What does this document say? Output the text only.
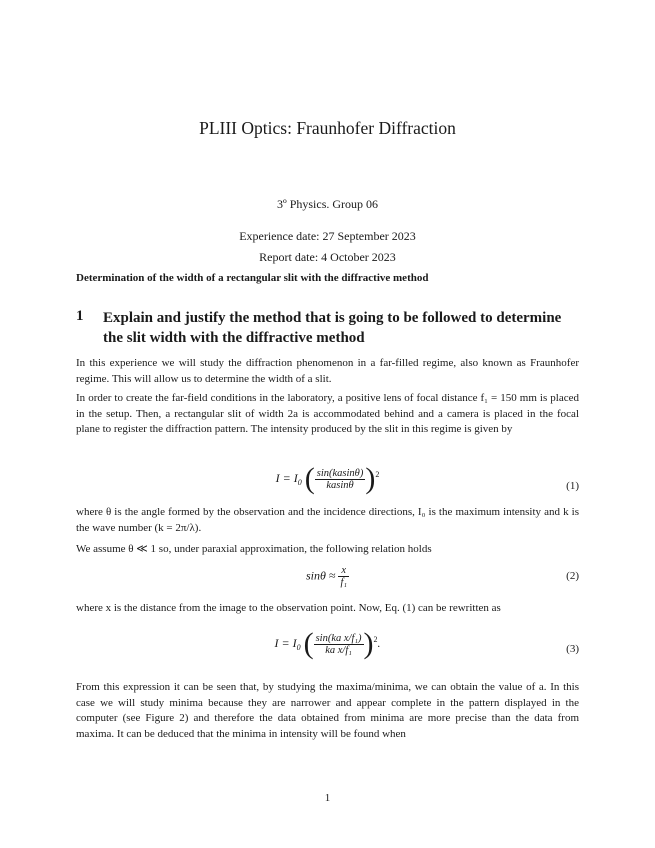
PLIII Optics: Fraunhofer Diffraction
3º Physics. Group 06
Experience date: 27 September 2023
Report date: 4 October 2023
Determination of the width of a rectangular slit with the diffractive method
1 Explain and justify the method that is going to be followed to determine the slit width with the diffractive method

In this experience we will study the diffraction phenomenon in a far-filled regime, also known as Fraunhofer regime. This will allow us to determine the width of a slit.

In order to create the far-field conditions in the laboratory, a positive lens of focal distance f₁ = 150 mm is placed in the setup. Then, a rectangular slit of width 2a is accommodated behind and a camera is placed in the focal plane to register the diffraction pattern. The intensity produced by the slit in this regime is given by

$I = I_0$ ( $\frac{\sin(kasin\theta)}{kasin\theta} )^2$
(1)

where θ is the angle formed by the observation and the incidence directions, I₀ is the maximum intensity and k is the wave number (k = 2π/λ).

We assume θ ≪ 1 so, under paraxial approximation, the following relation holds

$\sin\theta \approx \frac{x}{\text{f₁}}$	(2)

where x is the distance from the image to the observation point. Now, Eq. (1) can be rewritten as

$I = I_0$ ( $\frac{\text{sin(ka x/f₁)}}{\text{ka x/f₁}} )^2$.	(3)

From this expression it can be seen that, by studying the maxima/minima, we can obtain the value of a. In this case we will study minima because they are narrower and appear complete in the pattern displayed in the computer (see Figure 2) and therefore the data obtained from minima are more precise than the data from maxima. It can be deduced that the minima in intensity will be found when

1
